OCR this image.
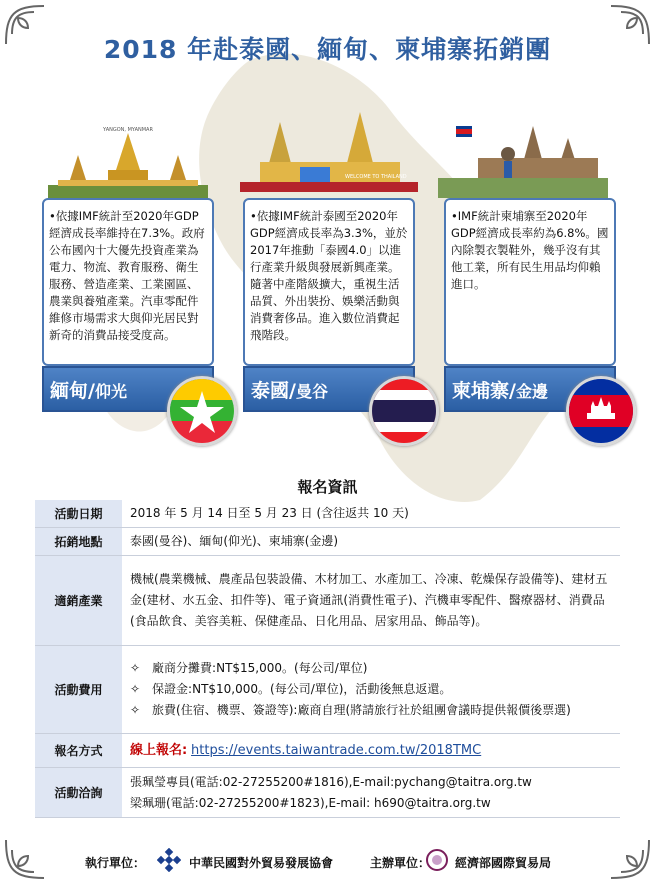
2018 年赴泰國、緬甸、柬埔寨拓銷團
YANGON, MYANMAR
WELCOME TO THAILAND
•依據IMF統計至2020年GDP經濟成長率維持在7.3%。政府公布國內十大優先投資產業為電力、物流、教育服務、衛生服務、營造產業、工業園區、農業與養殖產業。汽車零配件維修市場需求大與仰光居民對新奇的消費品接受度高。
•依據IMF統計泰國至2020年GDP經濟成長率為3.3%，並於2017年推動「泰國4.0」以進行產業升級與發展新興產業。隨著中產階級擴大，重視生活品質、外出裝扮、娛樂活動與消費奢侈品。進入數位消費起飛階段。
•IMF統計柬埔寨至2020年GDP經濟成長率約為6.8%。國內除製衣製鞋外，幾乎沒有其他工業，所有民生用品均仰賴進口。
緬甸/仰光	泰國/曼谷	柬埔寨/金邊
報名資訊
活動日期	2018 年 5 月 14 日至 5 月 23 日 (含往返共 10 天)
拓銷地點	泰國(曼谷)、緬甸(仰光)、柬埔寨(金邊)
適銷產業	機械(農業機械、農產品包裝設備、木材加工、水產加工、冷凍、乾燥保存設備等)、建材五金(建材、水五金、扣件等)、電子資通訊(消費性電子)、汽機車零配件、醫療器材、消費品(食品飲食、美容美粧、保健產品、日化用品、居家用品、飾品等)。
活動費用	✧　廠商分攤費:NT$15,000。(每公司/單位)
✧　保證金:NT$10,000。(每公司/單位)，活動後無息返還。
✧　旅費(住宿、機票、簽證等):廠商自理(將請旅行社於組團會議時提供報價後票選)

報名方式	線上報名: https://events.taiwantrade.com.tw/2018TMC
活動洽詢	張珮瑩專員(電話:02-27255200#1816),E-mail:pychang@taitra.org.tw
梁珮珊(電話:02-27255200#1823),E-mail: h690@taitra.org.tw
執行單位：	中華民國對外貿易發展協會	主辦單位： 經濟部國際貿易局
